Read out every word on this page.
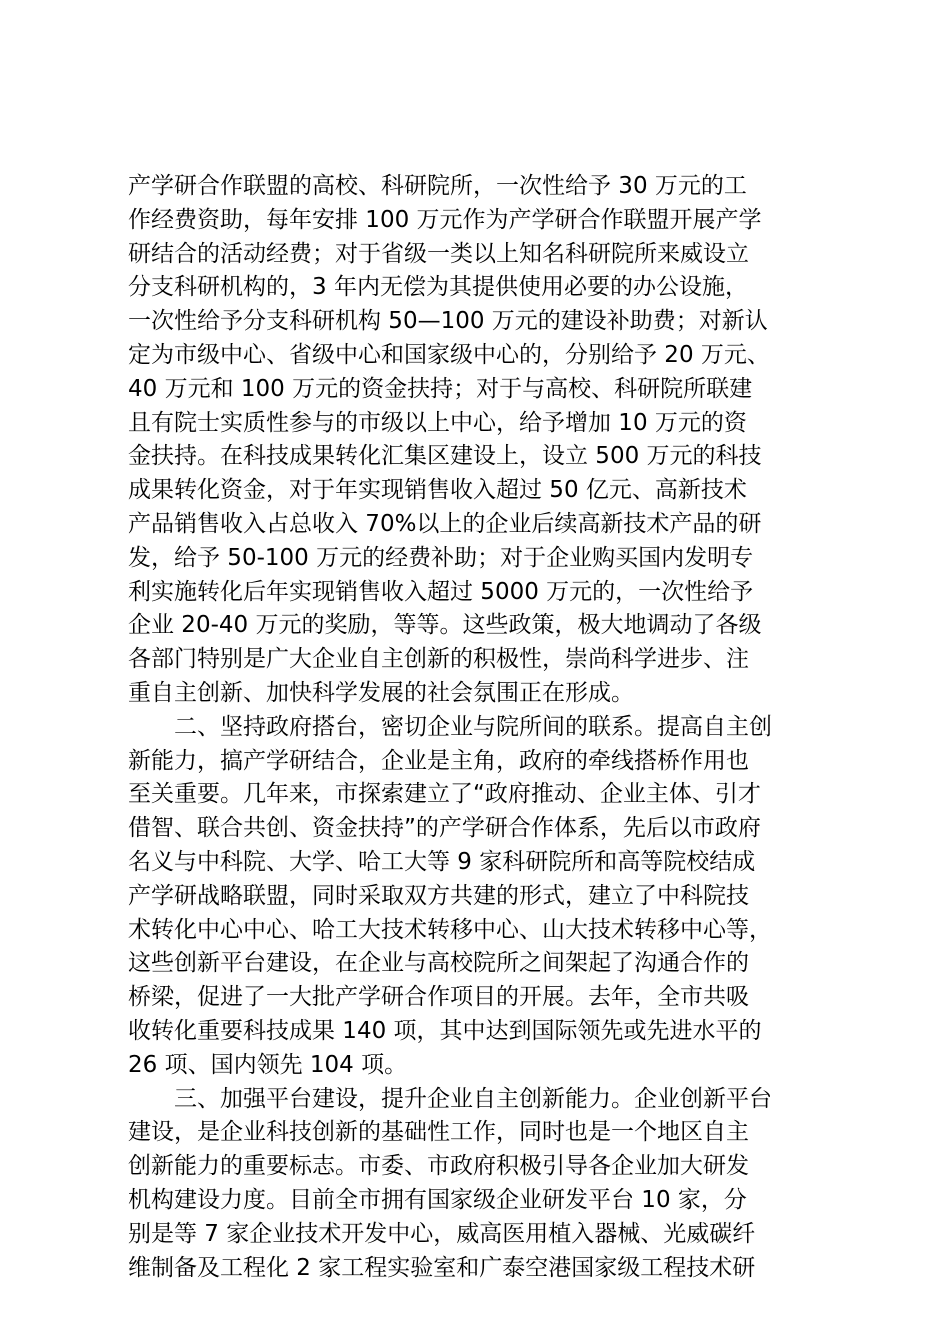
产学研合作联盟的高校、科研院所，一次性给予 30 万元的工
作经费资助，每年安排 100 万元作为产学研合作联盟开展产学
研结合的活动经费；对于省级一类以上知名科研院所来威设立
分支科研机构的，3 年内无偿为其提供使用必要的办公设施，
一次性给予分支科研机构 50—100 万元的建设补助费；对新认
定为市级中心、省级中心和国家级中心的，分别给予 20 万元、
40 万元和 100 万元的资金扶持；对于与高校、科研院所联建
且有院士实质性参与的市级以上中心，给予增加 10 万元的资
金扶持。在科技成果转化汇集区建设上，设立 500 万元的科技
成果转化资金，对于年实现销售收入超过 50 亿元、高新技术
产品销售收入占总收入 70%以上的企业后续高新技术产品的研
发，给予 50-100 万元的经费补助；对于企业购买国内发明专
利实施转化后年实现销售收入超过 5000 万元的，一次性给予
企业 20-40 万元的奖励，等等。这些政策，极大地调动了各级
各部门特别是广大企业自主创新的积极性，崇尚科学进步、注
重自主创新、加快科学发展的社会氛围正在形成。
二、坚持政府搭台，密切企业与院所间的联系。提高自主创
新能力，搞产学研结合，企业是主角，政府的牵线搭桥作用也
至关重要。几年来，市探索建立了“政府推动、企业主体、引才
借智、联合共创、资金扶持”的产学研合作体系，先后以市政府
名义与中科院、大学、哈工大等 9 家科研院所和高等院校结成
产学研战略联盟，同时采取双方共建的形式，建立了中科院技
术转化中心中心、哈工大技术转移中心、山大技术转移中心等，
这些创新平台建设，在企业与高校院所之间架起了沟通合作的
桥梁，促进了一大批产学研合作项目的开展。去年，全市共吸
收转化重要科技成果 140 项，其中达到国际领先或先进水平的
26 项、国内领先 104 项。
三、加强平台建设，提升企业自主创新能力。企业创新平台
建设，是企业科技创新的基础性工作，同时也是一个地区自主
创新能力的重要标志。市委、市政府积极引导各企业加大研发
机构建设力度。目前全市拥有国家级企业研发平台 10 家，分
别是等 7 家企业技术开发中心，威高医用植入器械、光威碳纤
维制备及工程化 2 家工程实验室和广泰空港国家级工程技术研
